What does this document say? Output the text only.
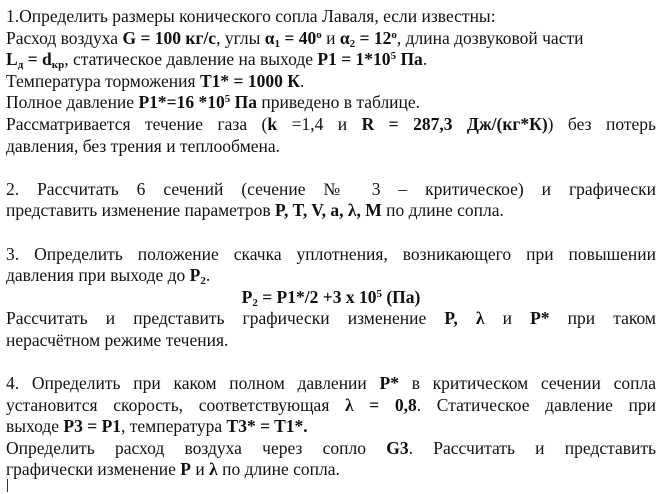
1.Определить размеры конического сопла Лаваля, если известны:
Расход воздуха G = 100 кг/с, углы $\alpha_1 = 40^o$ и $\alpha_2 = 12^o$, длина дозвуковой части
$L_д = d_{кр}$, статическое давление на выходе $P1 = 1*10^5$ Па.
Температура торможения T1* = 1000 К.
Полное давление P1*=16 $*10^5$ Па приведено в таблице.
Рассматривается течение газа (k =1,4 и R = 287,3 Дж/(кг*К)) без потерь
давления, без трения и теплообмена.
2. Рассчитать 6 сечений (сечение № 3 – критическое) и графически
представить изменение параметров P, T, V, a, λ, M по длине сопла.
3. Определить положение скачка уплотнения, возникающего при повышении
давления при выходе до $P_2$.
$P_2 = P1*/2 +3$ x $10^5$ (Па)
Рассчитать и представить графически изменение P, λ и P* при таком
нерасчётном режиме течения.
4. Определить при каком полном давлении P* в критическом сечении сопла
установится скорость, соответствующая λ = 0,8. Статическое давление при
выходе P3 = P1, температура T3* = T1*.
Определить расход воздуха через сопло G3. Рассчитать и представить
графически изменение P и λ по длине сопла.
